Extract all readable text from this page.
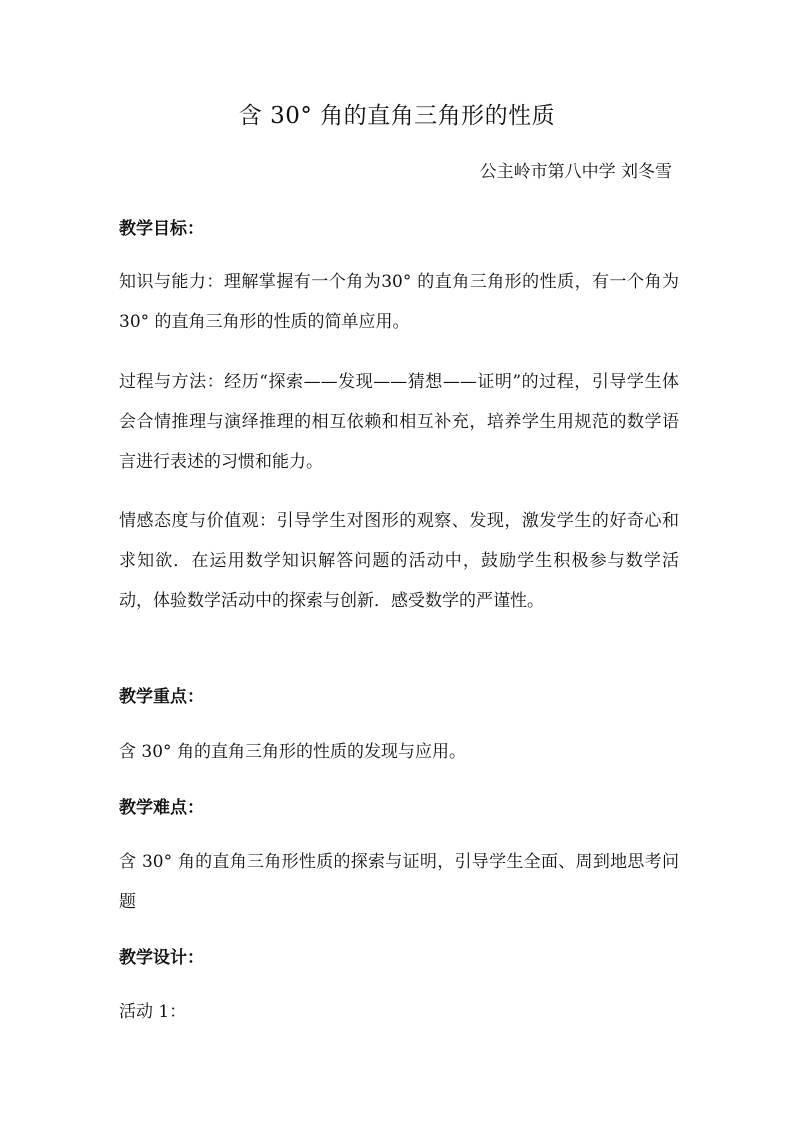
含 30° 角的直角三角形的性质

公主岭市第八中学 刘冬雪

教学目标：

知识与能力：理解掌握有一个角为30° 的直角三角形的性质，有一个角为 30° 的直角三角形的性质的简单应用。

过程与方法：经历“探索——发现——猜想——证明”的过程，引导学生体会合情推理与演绎推理的相互依赖和相互补充，培养学生用规范的数学语言进行表述的习惯和能力。

情感态度与价值观：引导学生对图形的观察、发现，激发学生的好奇心和求知欲．在运用数学知识解答问题的活动中，鼓励学生积极参与数学活动，体验数学活动中的探索与创新．感受数学的严谨性。

教学重点：

含 30° 角的直角三角形的性质的发现与应用。

教学难点：

含 30° 角的直角三角形性质的探索与证明，引导学生全面、周到地思考问题

教学设计：

活动 1：
